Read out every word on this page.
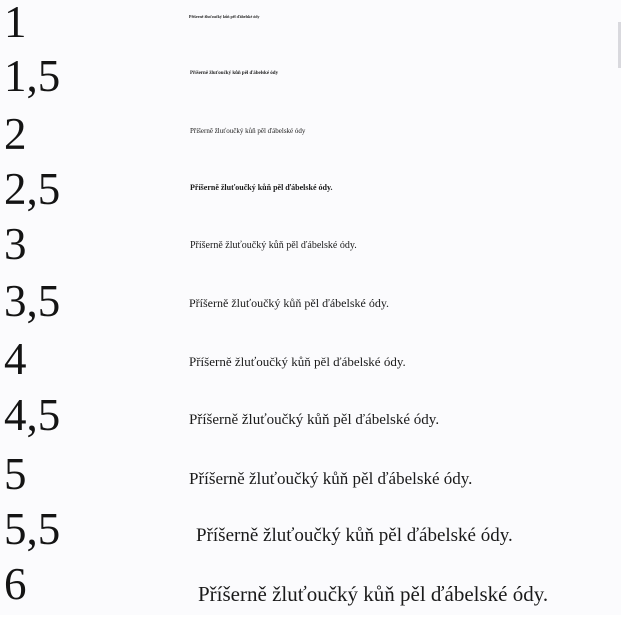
1	Příšerně žluťoučký kůň pěl ďábelské ódy
1,5	Příšerně žluťoučký kůň pěl ďábelské ódy
2	Příšerně žluťoučký kůň pěl ďábelské ódy
2,5	Příšerně žluťoučký kůň pěl ďábelské ódy.
3	Příšerně žluťoučký kůň pěl ďábelské ódy.
3,5	Příšerně žluťoučký kůň pěl ďábelské ódy.
4	Příšerně žluťoučký kůň pěl ďábelské ódy.
4,5	Příšerně žluťoučký kůň pěl ďábelské ódy.
5	Příšerně žluťoučký kůň pěl ďábelské ódy.
5,5	Příšerně žluťoučký kůň pěl ďábelské ódy.
6	Příšerně žluťoučký kůň pěl ďábelské ódy.
